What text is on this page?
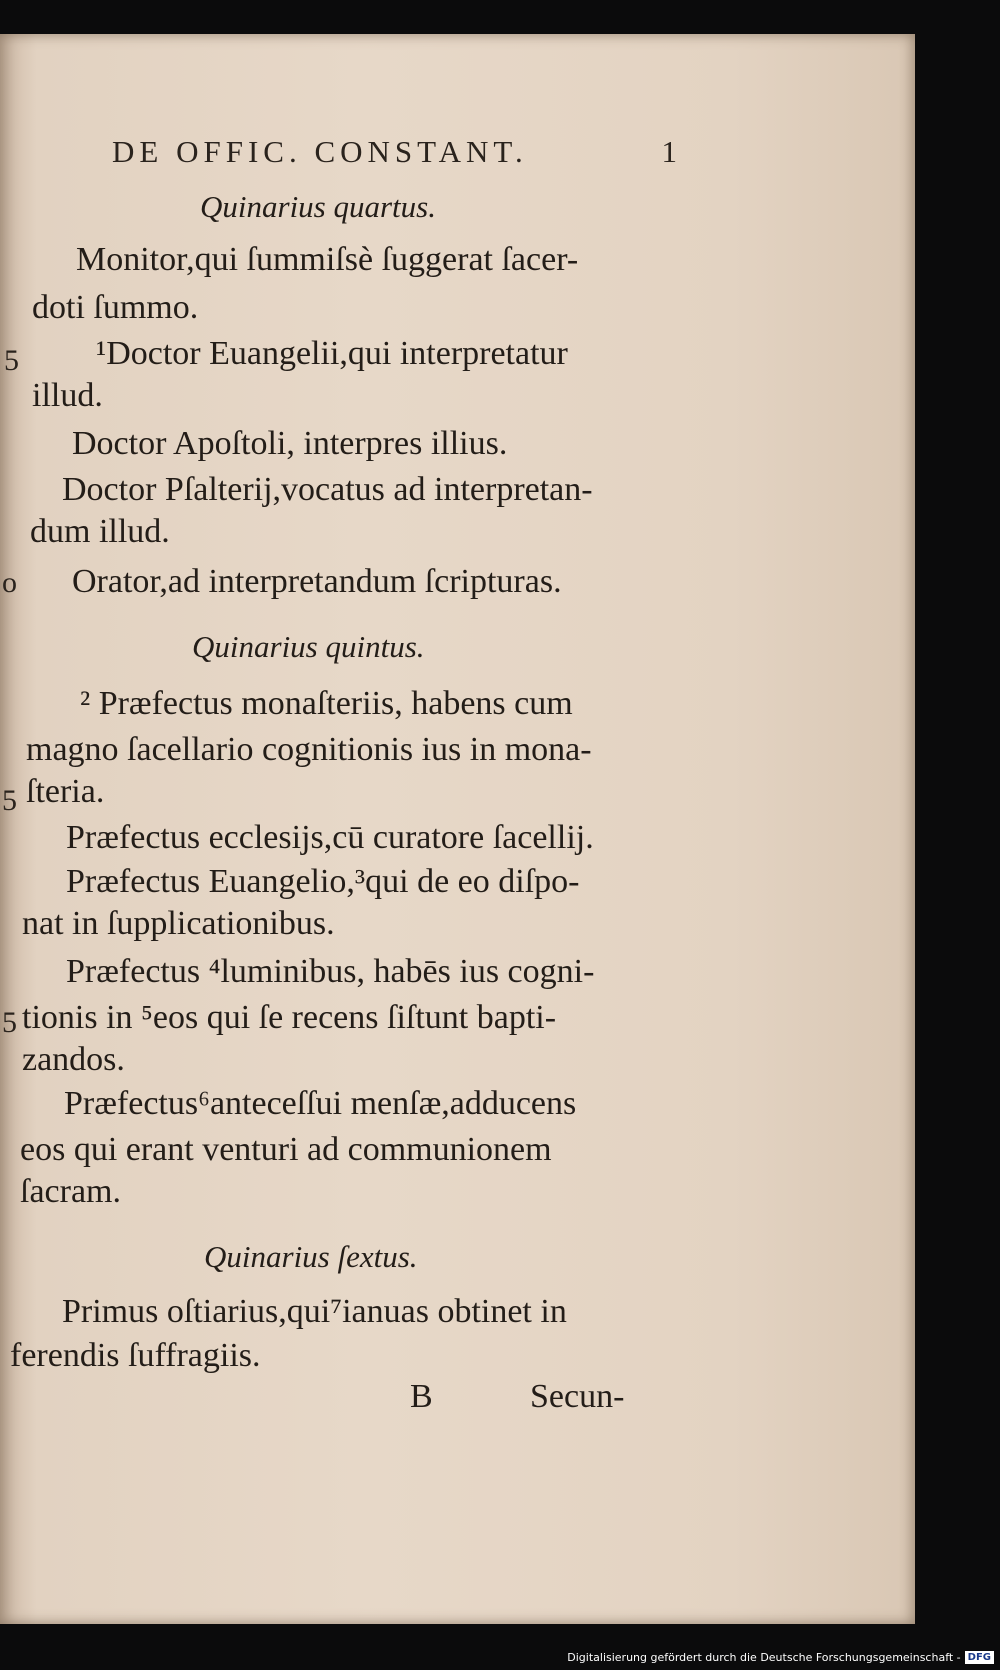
DE OFFIC. CONSTANT.	1
Quinarius quartus.
Monitor,qui ſummiſsè ſuggerat ſacer-
doti ſummo.
¹Doctor Euangelii,qui interpretatur
illud.
Doctor Apoſtoli, interpres illius.
Doctor Pſalterij,vocatus ad interpretan-
dum illud.
Orator,ad interpretandum ſcripturas.
Quinarius quintus.
² Præfectus monaſteriis, habens cum
magno ſacellario cognitionis ius in mona-
ſteria.
Præfectus ecclesijs,cū curatore ſacellij.
Præfectus Euangelio,³qui de eo diſpo-
nat in ſupplicationibus.
Præfectus ⁴luminibus, habēs ius cogni-
tionis in ⁵eos qui ſe recens ſiſtunt bapti-
zandos.
Præfectus⁶anteceſſui menſæ,adducens
eos qui erant venturi ad communionem
ſacram.
Quinarius ſextus.
Primus oſtiarius,qui⁷ianuas obtinet in
ferendis ſuffragiis.
B	Secun-
5
o
5
5
Digitalisierung gefördert durch die Deutsche Forschungsgemeinschaft - DFG
